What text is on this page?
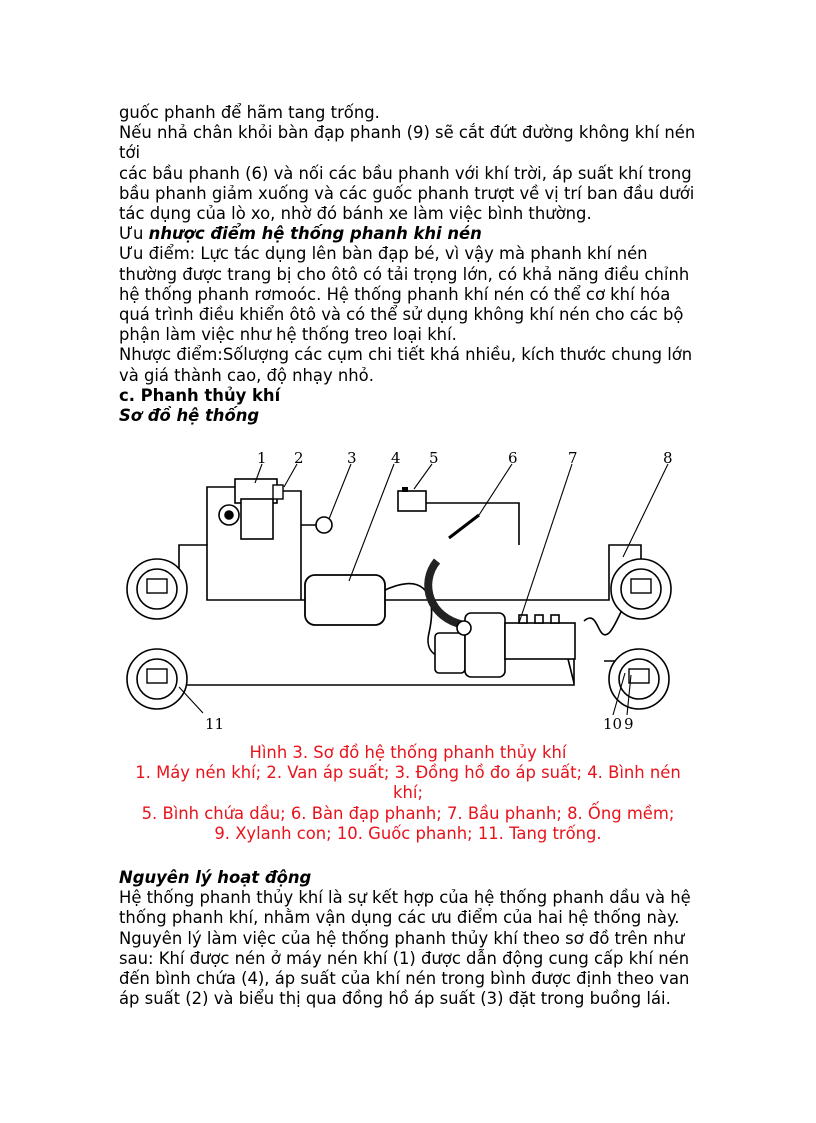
guốc phanh để hãm tang trống.

Nếu nhả chân khỏi bàn đạp phanh (9) sẽ cắt đứt đường không khí nén

tới

các bầu phanh (6) và nối các bầu phanh với khí trời, áp suất khí trong

bầu phanh giảm xuống và các guốc phanh trượt về vị trí ban đầu dưới

tác dụng của lò xo, nhờ đó bánh xe làm việc bình thường.

Ưu nhược điểm hệ thống phanh khi nén

Ưu điểm: Lực tác dụng lên bàn đạp bé, vì vậy mà phanh khí nén

thường được trang bị cho ôtô có tải trọng lớn, có khả năng điều chỉnh

hệ thống phanh rơmoóc. Hệ thống phanh khí nén có thể cơ khí hóa

quá trình điều khiển ôtô và có thể sử dụng không khí nén cho các bộ

phận làm việc như hệ thống treo loại khí.

Nhược điểm:Sốlượng các cụm chi tiết khá nhiều, kích thước chung lớn

và giá thành cao, độ nhạy nhỏ.

c. Phanh thủy khí

Sơ đồ hệ thống

1 2	3 4 5	6	7	8
9
10
11

Hình 3. Sơ đồ hệ thống phanh thủy khí

1. Máy nén khí; 2. Van áp suất; 3. Đồng hồ đo áp suất; 4. Bình nén

khí;

5. Bình chứa dầu; 6. Bàn đạp phanh; 7. Bầu phanh; 8. Ống mềm;

9. Xylanh con; 10. Guốc phanh; 11. Tang trống.

Nguyên lý hoạt động

Hệ thống phanh thủy khí là sự kết hợp của hệ thống phanh dầu và hệ

thống phanh khí, nhằm vận dụng các ưu điểm của hai hệ thống này.

Nguyên lý làm việc của hệ thống phanh thủy khí theo sơ đồ trên như

sau: Khí được nén ở máy nén khí (1) được dẫn động cung cấp khí nén

đến bình chứa (4), áp suất của khí nén trong bình được định theo van

áp suất (2) và biểu thị qua đồng hồ áp suất (3) đặt trong buồng lái.
